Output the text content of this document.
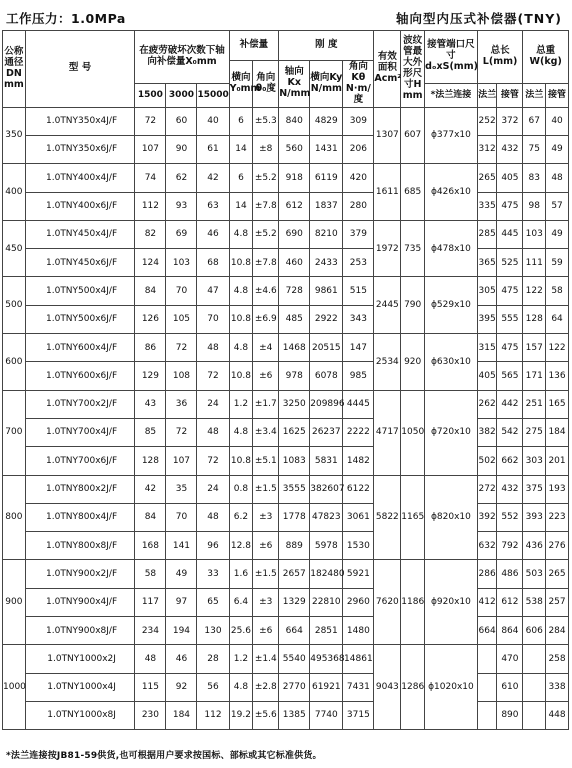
工作压力：1.0MPa	轴向型内压式补偿器(TNY)
公称通径DN mm	型 号	在疲劳破坏次数下轴向补偿量X₀mm			补偿量		刚 度			有效面积Acm²	波纹管最大外形尺寸H mm	接管端口尺寸dₒxS(mm)	总长L(mm)		总重W(kg)	
					横向Y₀mm	角向θ₀度	轴向Kx N/mm	横向Ky N/mm	角向Kθ N·m/度							
		1500	3000	15000								*法兰连接	法兰	接管	法兰	接管
350	1.0TNY350x4J/F	72	60	40	6	±5.3	840	4829	309	1307	607	ϕ377x10	252	372	67	40
	1.0TNY350x6J/F	107	90	61	14	±8	560	1431	206				312	432	75	49
400	1.0TNY400x4J/F	74	62	42	6	±5.2	918	6119	420	1611	685	ϕ426x10	265	405	83	48
	1.0TNY400x6J/F	112	93	63	14	±7.8	612	1837	280				335	475	98	57
450	1.0TNY450x4J/F	82	69	46	4.8	±5.2	690	8210	379	1972	735	ϕ478x10	285	445	103	49
	1.0TNY450x6J/F	124	103	68	10.8	±7.8	460	2433	253				365	525	111	59
500	1.0TNY500x4J/F	84	70	47	4.8	±4.6	728	9861	515	2445	790	ϕ529x10	305	475	122	58
	1.0TNY500x6J/F	126	105	70	10.8	±6.9	485	2922	343				395	555	128	64
600	1.0TNY600x4J/F	86	72	48	4.8	±4	1468	20515	147	2534	920	ϕ630x10	315	475	157	122
	1.0TNY600x6J/F	129	108	72	10.8	±6	978	6078	985				405	565	171	136
700	1.0TNY700x2J/F	43	36	24	1.2	±1.7	3250	209896	4445	4717	1050	ϕ720x10	262	442	251	165
	1.0TNY700x4J/F	85	72	48	4.8	±3.4	1625	26237	2222				382	542	275	184
	1.0TNY700x6J/F	128	107	72	10.8	±5.1	1083	5831	1482				502	662	303	201
800	1.0TNY800x2J/F	42	35	24	0.8	±1.5	3555	382607	6122	5822	1165	ϕ820x10	272	432	375	193
	1.0TNY800x4J/F	84	70	48	6.2	±3	1778	47823	3061				392	552	393	223
	1.0TNY800x8J/F	168	141	96	12.8	±6	889	5978	1530				632	792	436	276
900	1.0TNY900x2J/F	58	49	33	1.6	±1.5	2657	182480	5921	7620	1186	ϕ920x10	286	486	503	265
	1.0TNY900x4J/F	117	97	65	6.4	±3	1329	22810	2960				412	612	538	257
	1.0TNY900x8J/F	234	194	130	25.6	±6	664	2851	1480				664	864	606	284
1000	1.0TNY1000x2J	48	46	28	1.2	±1.4	5540	495368	14861	9043	1286	ϕ1020x10		470		258
	1.0TNY1000x4J	115	92	56	4.8	±2.8	2770	61921	7431					610		338
	1.0TNY1000x8J	230	184	112	19.2	±5.6	1385	7740	3715					890		448
*法兰连接按JB81-59供货,也可根据用户要求按国标、部标或其它标准供货。
